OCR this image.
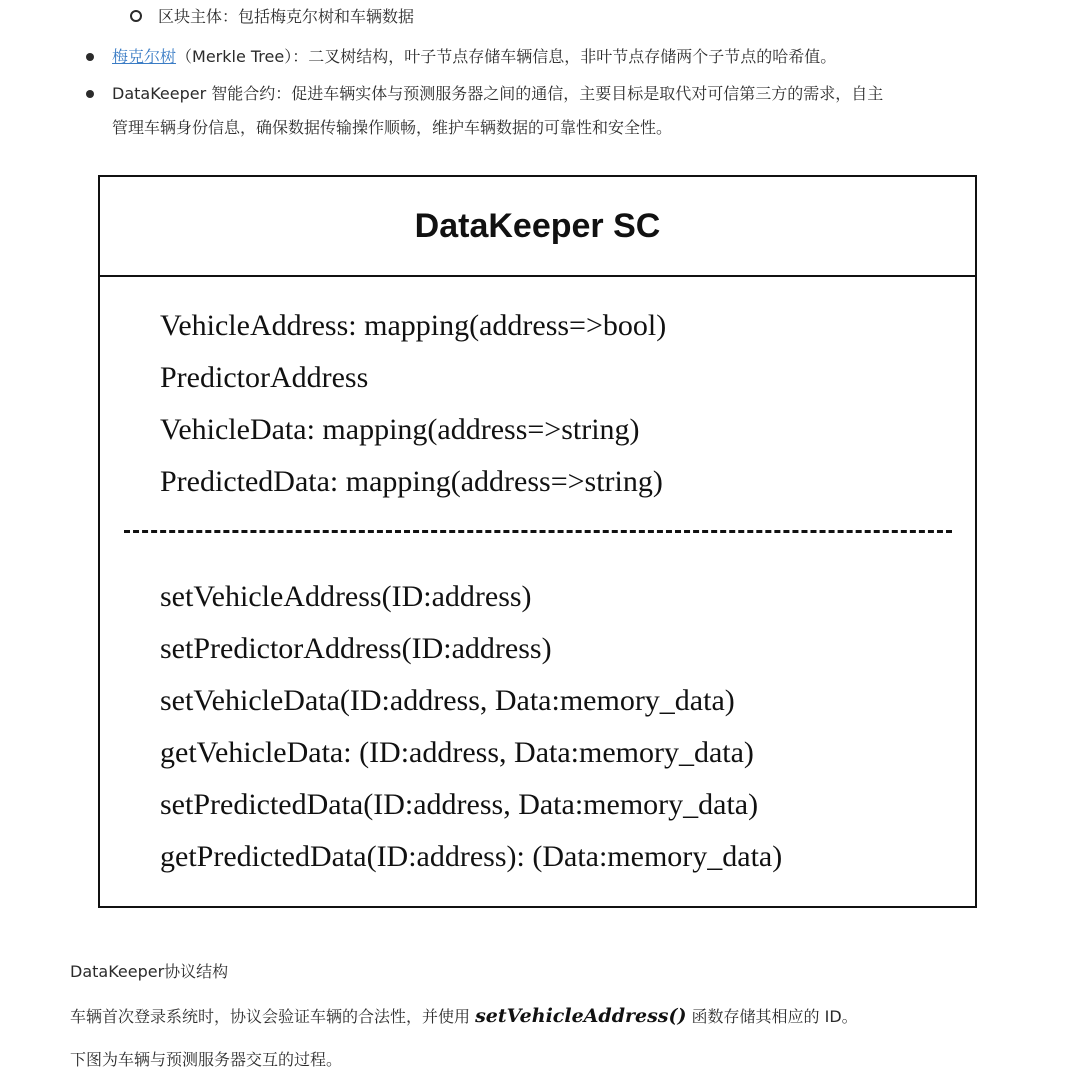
区块主体：包括梅克尔树和车辆数据
梅克尔树（Merkle Tree）：二叉树结构，叶子节点存储车辆信息，非叶节点存储两个子节点的哈希值。
DataKeeper 智能合约：促进车辆实体与预测服务器之间的通信，主要目标是取代对可信第三方的需求，自主
管理车辆身份信息，确保数据传输操作顺畅，维护车辆数据的可靠性和安全性。
DataKeeper SC
VehicleAddress: mapping(address=>bool)
PredictorAddress
VehicleData: mapping(address=>string)
PredictedData: mapping(address=>string)
setVehicleAddress(ID:address)
setPredictorAddress(ID:address)
setVehicleData(ID:address, Data:memory_data)
getVehicleData: (ID:address, Data:memory_data)
setPredictedData(ID:address, Data:memory_data)
getPredictedData(ID:address): (Data:memory_data)
DataKeeper协议结构
车辆首次登录系统时，协议会验证车辆的合法性，并使用 setVehicleAddress() 函数存储其相应的 ID。
下图为车辆与预测服务器交互的过程。
